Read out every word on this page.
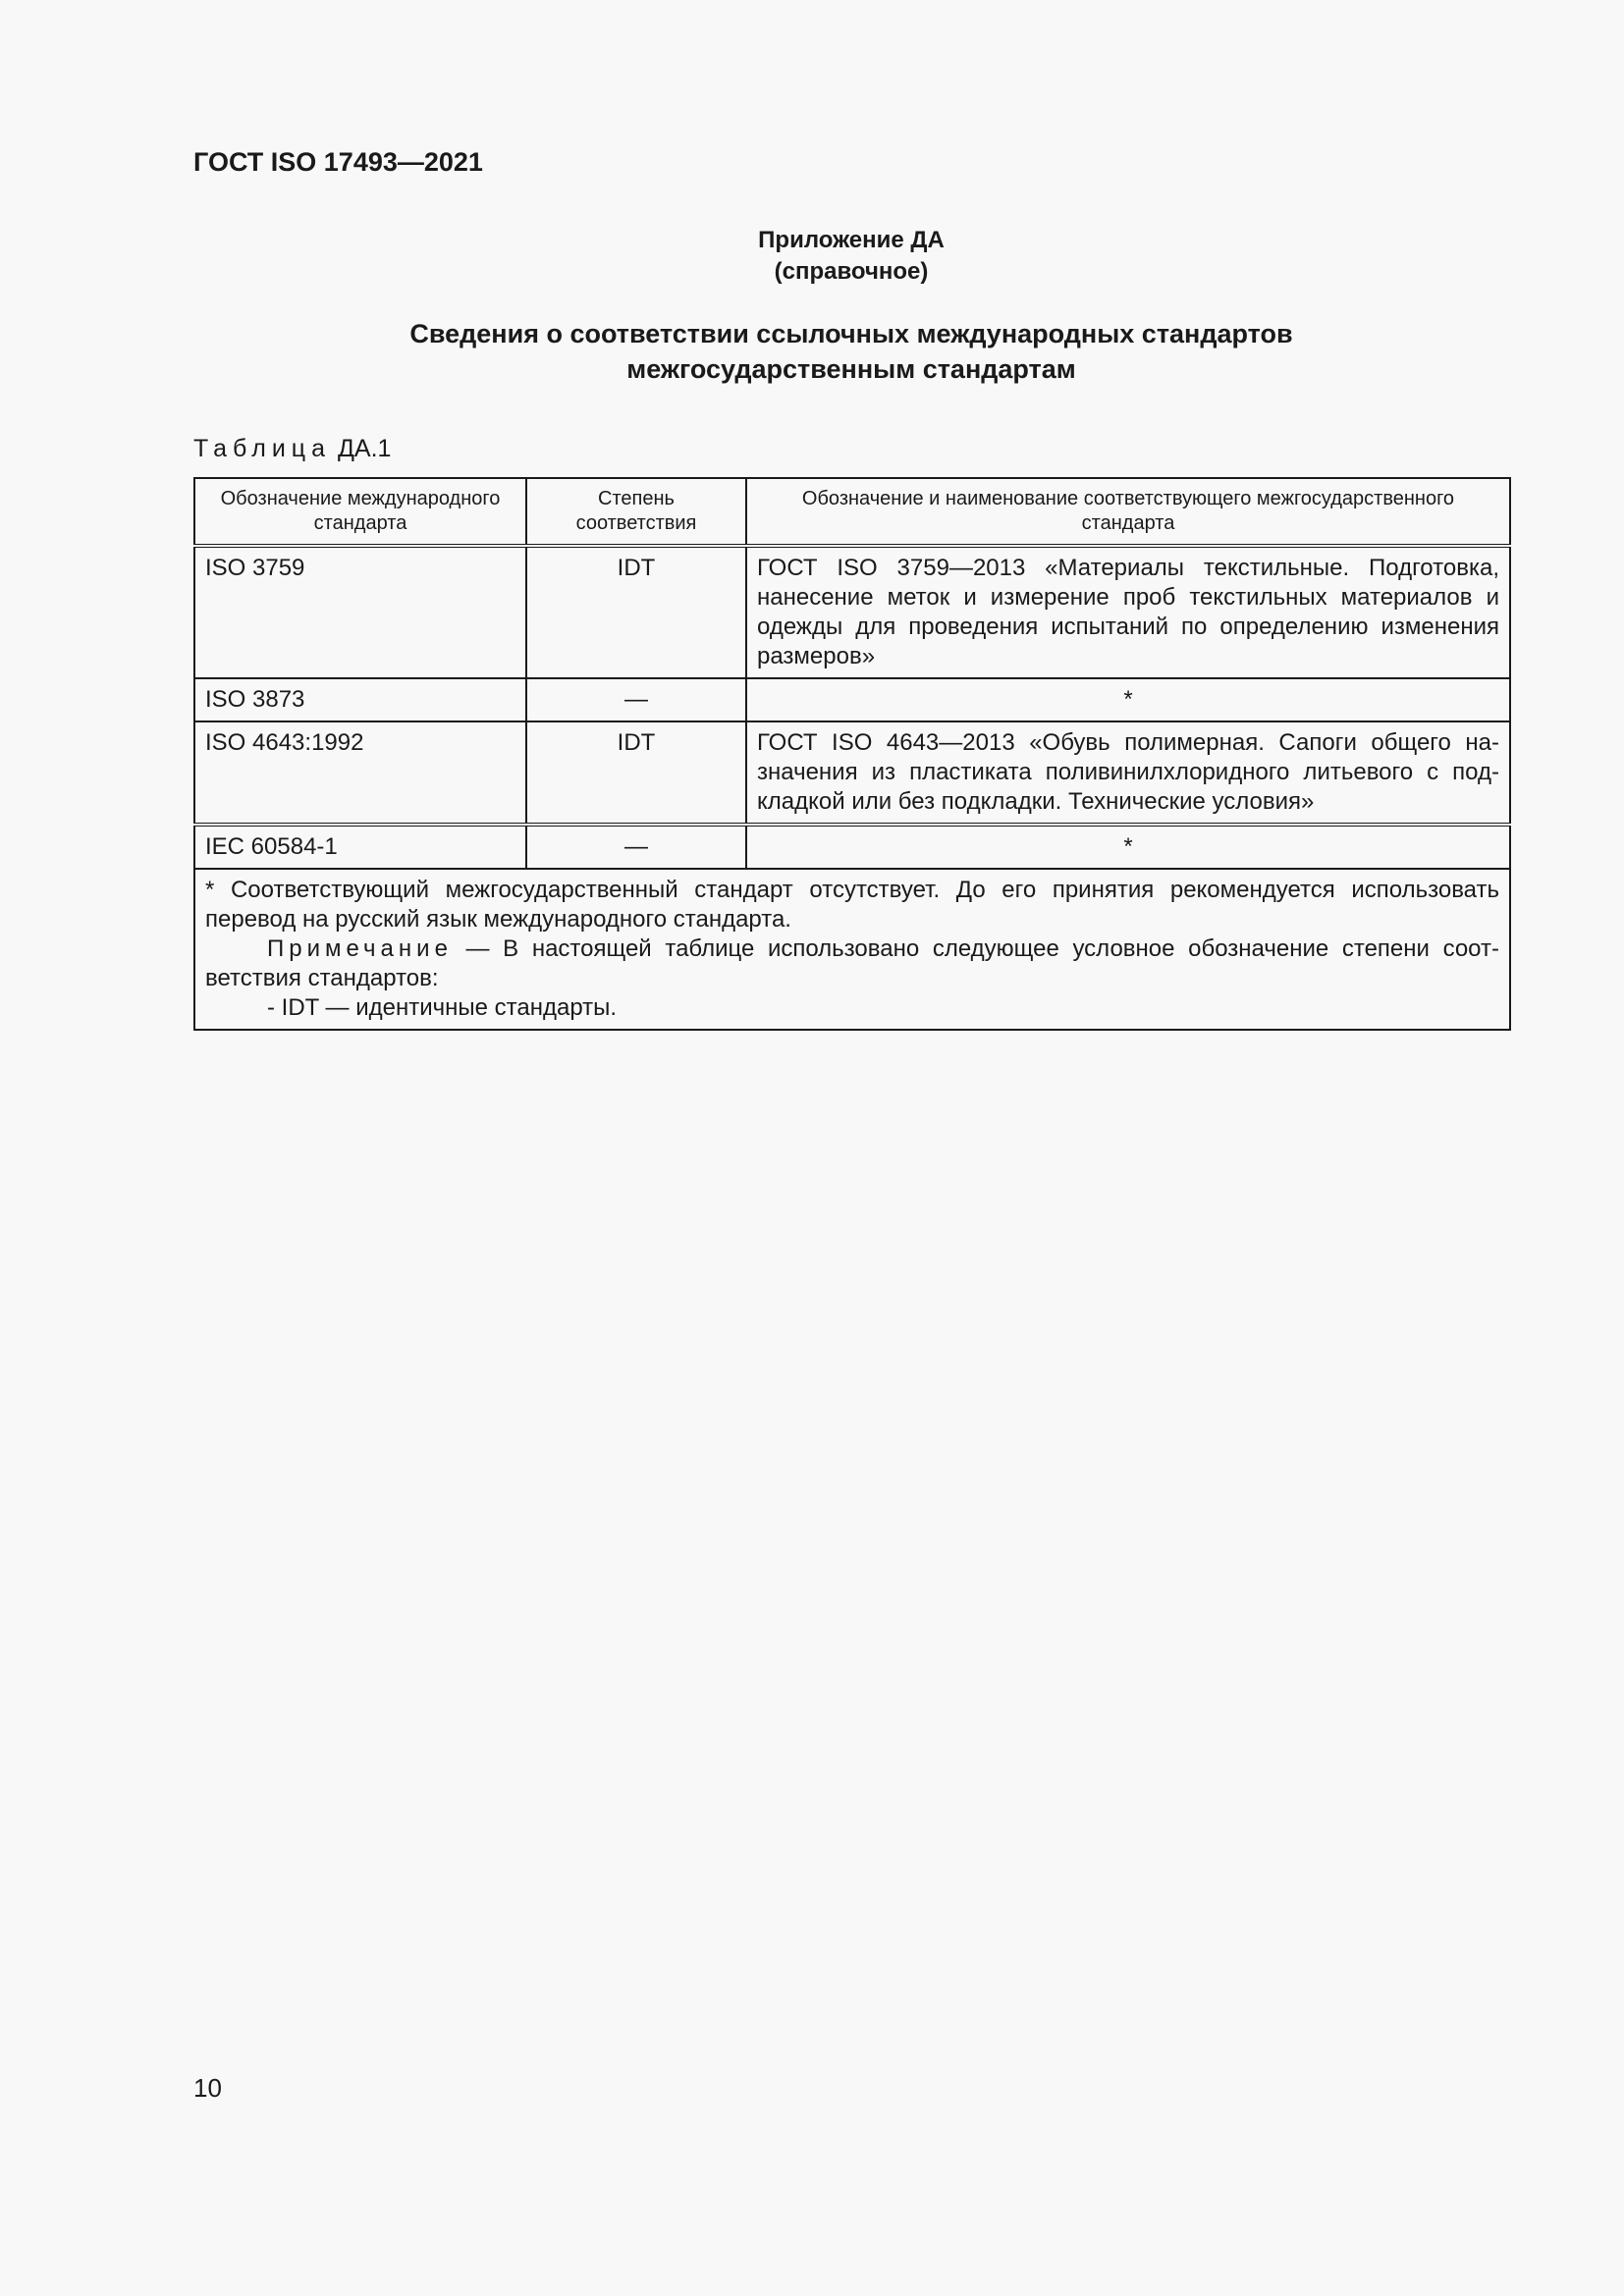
ГОСТ ISO 17493—2021
Приложение ДА
(справочное)
Сведения о соответствии ссылочных международных стандартов
межгосударственным стандартам
Таблица ДА.1
Обозначение международного стандарта	Степень соответствия	Обозначение и наименование соответствующего межгосударственного стандарта
ISO 3759	IDT	ГОСТ ISO 3759—2013 «Материалы текстильные. Подготовка, нанесение меток и измерение проб текстильных материалов и одежды для проведения испытаний по определению изменения размеров»
ISO 3873	—	*
ISO 4643:1992	IDT	ГОСТ ISO 4643—2013 «Обувь полимерная. Сапоги общего назначения из пластиката поливинилхлоридного литьевого с подкладкой или без подкладки. Технические условия»
IEC 60584-1	—	*

* Соответствующий межгосударственный стандарт отсутствует. До его принятия рекомендуется использовать перевод на русский язык международного стандарта.

Примечание — В настоящей таблице использовано следующее условное обозначение степени соответствия стандартов:

- IDT — идентичные стандарты.		

10
